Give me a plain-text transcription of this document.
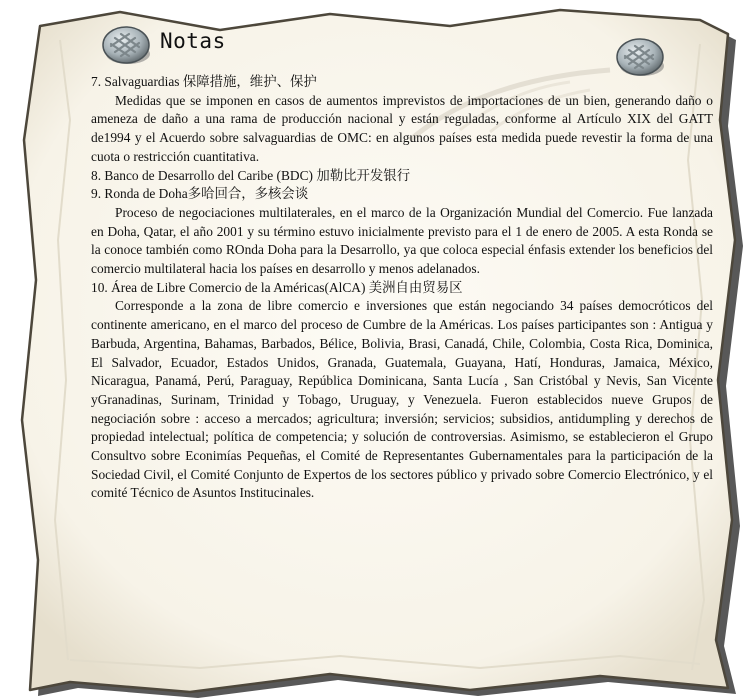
Notas
7. Salvaguardias 保障措施，维护、保护

Medidas que se imponen en casos de aumentos imprevistos de importaciones de un bien, generando daño o ameneza de daño a una rama de producción nacional y están reguladas, conforme al Artículo XIX del GATT de1994 y el Acuerdo sobre salvaguardias de OMC: en algunos países esta medida puede revestir la forma de una cuota o restricción cuantitativa.

8. Banco de Desarrollo del Caribe (BDC) 加勒比开发银行
9. Ronda de Doha多哈回合，多核会谈

Proceso de negociaciones multilaterales, en el marco de la Organización Mundial del Comercio. Fue lanzada en Doha, Qatar, el año 2001 y su término estuvo inicialmente previsto para el 1 de enero de 2005. A esta Ronda se la conoce también como ROnda Doha para la Desarrollo, ya que coloca especial énfasis extender los beneficios del comercio multilateral hacia los países en desarrollo y menos adelanados.

10. Área de Libre Comercio de la Américas(AlCA) 美洲自由贸易区

Corresponde a la zona de libre comercio e inversiones que están negociando 34 países democróticos del continente americano, en el marco del proceso de Cumbre de la Américas. Los países participantes son : Antigua y Barbuda, Argentina, Bahamas, Barbados, Bélice, Bolivia, Brasi, Canadá, Chile, Colombia, Costa Rica, Dominica, El Salvador, Ecuador, Estados Unidos, Granada, Guatemala, Guayana, Hatí, Honduras, Jamaica, México, Nicaragua, Panamá, Perú, Paraguay, República Dominicana, Santa Lucía , San Cristóbal y Nevis, San Vicente yGranadinas, Surinam, Trinidad y Tobago, Uruguay, y Venezuela. Fueron establecidos nueve Grupos de negociación sobre : acceso a mercados; agricultura; inversión; servicios; subsidios, antidumpling y derechos de propiedad intelectual; política de competencia; y solución de controversias. Asimismo, se establecieron el Grupo Consultvo sobre Econimías Pequeñas, el Comité de Representantes Gubernamentales para la participación de la Sociedad Civil, el Comité Conjunto de Expertos de los sectores público y privado sobre Comercio Electrónico, y el comité Técnico de Asuntos Institucinales.
